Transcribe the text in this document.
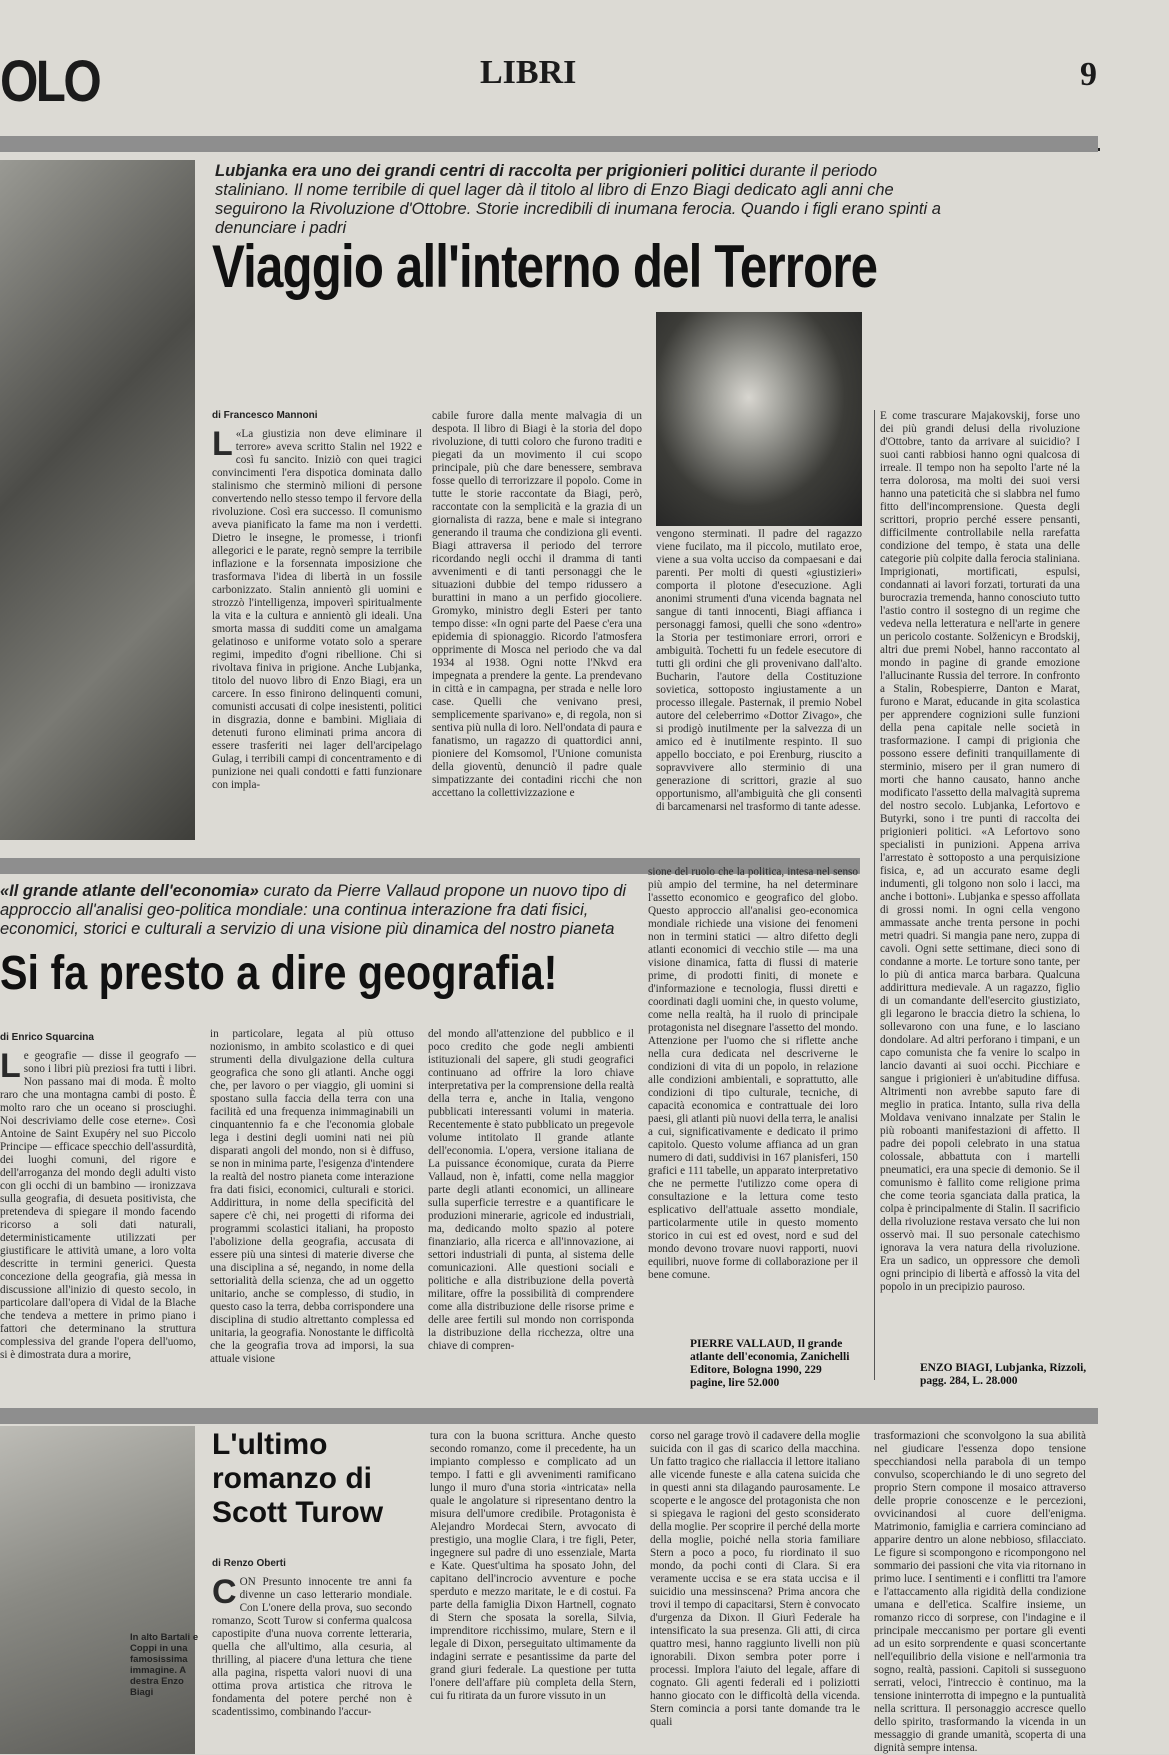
OLO	LIBRI	9
Lubjanka era uno dei grandi centri di raccolta per prigionieri politici durante il periodo staliniano. Il nome terribile di quel lager dà il titolo al libro di Enzo Biagi dedicato agli anni che seguirono la Rivoluzione d'Ottobre. Storie incredibili di inumana ferocia. Quando i figli erano spinti a denunciare i padri
Viaggio all'interno del Terrore
di Francesco Mannoni
L «La giustizia non deve eliminare il terrore» aveva scritto Stalin nel 1922 e così fu sancito. Iniziò con quei tragici convincimenti l'era dispotica dominata dallo stalinismo che sterminò milioni di persone convertendo nello stesso tempo il fervore della rivoluzione. Così era successo. Il comunismo aveva pianificato la fame ma non i verdetti. Dietro le insegne, le promesse, i trionfi allegorici e le parate, regnò sempre la terribile inflazione e la forsennata imposizione che trasformava l'idea di libertà in un fossile carbonizzato. Stalin annientò gli uomini e strozzò l'intelligenza, impoverì spiritualmente la vita e la cultura e annientò gli ideali. Una smorta massa di sudditi come un amalgama gelatinoso e uniforme votato solo a sperare regimi, impedito d'ogni ribellione. Chi si rivoltava finiva in prigione. Anche Lubjanka, titolo del nuovo libro di Enzo Biagi, era un carcere. In esso finirono delinquenti comuni, comunisti accusati di colpe inesistenti, politici in disgrazia, donne e bambini. Migliaia di detenuti furono eliminati prima ancora di essere trasferiti nei lager dell'arcipelago Gulag, i terribili campi di concentramento e di punizione nei quali condotti e fatti funzionare con impla-
cabile furore dalla mente malvagia di un despota. Il libro di Biagi è la storia del dopo rivoluzione, di tutti coloro che furono traditi e piegati da un movimento il cui scopo principale, più che dare benessere, sembrava fosse quello di terrorizzare il popolo. Come in tutte le storie raccontate da Biagi, però, raccontate con la semplicità e la grazia di un giornalista di razza, bene e male si integrano generando il trauma che condiziona gli eventi. Biagi attraversa il periodo del terrore ricordando negli occhi il dramma di tanti avvenimenti e di tanti personaggi che le situazioni dubbie del tempo ridussero a burattini in mano a un perfido giocoliere. Gromyko, ministro degli Esteri per tanto tempo disse: «In ogni parte del Paese c'era una epidemia di spionaggio. Ricordo l'atmosfera opprimente di Mosca nel periodo che va dal 1934 al 1938. Ogni notte l'Nkvd era impegnata a prendere la gente. La prendevano in città e in campagna, per strada e nelle loro case. Quelli che venivano presi, semplicemente sparivano» e, di regola, non si sentiva più nulla di loro. Nell'ondata di paura e fanatismo, un ragazzo di quattordici anni, pioniere del Komsomol, l'Unione comunista della gioventù, denunciò il padre quale simpatizzante dei contadini ricchi che non accettano la collettivizzazione e
vengono sterminati. Il padre del ragazzo viene fucilato, ma il piccolo, mutilato eroe, viene a sua volta ucciso da compaesani e dai parenti. Per molti di questi «giustizieri» comporta il plotone d'esecuzione. Agli anonimi strumenti d'una vicenda bagnata nel sangue di tanti innocenti, Biagi affianca i personaggi famosi, quelli che sono «dentro» la Storia per testimoniare errori, orrori e ambiguità. Tochetti fu un fedele esecutore di tutti gli ordini che gli provenivano dall'alto. Bucharin, l'autore della Costituzione sovietica, sottoposto ingiustamente a un processo illegale. Pasternak, il premio Nobel autore del celeberrimo «Dottor Zivago», che si prodigò inutilmente per la salvezza di un amico ed è inutilmente respinto. Il suo appello bocciato, e poi Erenburg, riuscito a sopravvivere allo sterminio di una generazione di scrittori, grazie al suo opportunismo, all'ambiguità che gli consentì di barcamenarsi nel trasformo di tante adesse.
E come trascurare Majakovskij, forse uno dei più grandi delusi della rivoluzione d'Ottobre, tanto da arrivare al suicidio? I suoi canti rabbiosi hanno ogni qualcosa di irreale. Il tempo non ha sepolto l'arte né la terra dolorosa, ma molti dei suoi versi hanno una pateticità che si slabbra nel fumo fitto dell'incomprensione. Questa degli scrittori, proprio perché essere pensanti, difficilmente controllabile nella rarefatta condizione del tempo, è stata una delle categorie più colpite dalla ferocia staliniana. Imprigionati, mortificati, espulsi, condannati ai lavori forzati, torturati da una burocrazia tremenda, hanno conosciuto tutto l'astio contro il sostegno di un regime che vedeva nella letteratura e nell'arte in genere un pericolo costante. Solženicyn e Brodskij, altri due premi Nobel, hanno raccontato al mondo in pagine di grande emozione l'allucinante Russia del terrore. In confronto a Stalin, Robespierre, Danton e Marat, furono e Marat, educande in gita scolastica per apprendere cognizioni sulle funzioni della pena capitale nelle società in trasformazione. I campi di prigionia che possono essere definiti tranquillamente di sterminio, misero per il gran numero di morti che hanno causato, hanno anche modificato l'assetto della malvagità suprema del nostro secolo. Lubjanka, Lefortovo e Butyrki, sono i tre punti di raccolta dei prigionieri politici. «A Lefortovo sono specialisti in punizioni. Appena arriva l'arrestato è sottoposto a una perquisizione fisica, e, ad un accurato esame degli indumenti, gli tolgono non solo i lacci, ma anche i bottoni». Lubjanka e spesso affollata di grossi nomi. In ogni cella vengono ammassate anche trenta persone in pochi metri quadri. Si mangia pane nero, zuppa di cavoli. Ogni sette settimane, dieci sono di condanne a morte. Le torture sono tante, per lo più di antica marca barbara. Qualcuna addirittura medievale. A un ragazzo, figlio di un comandante dell'esercito giustiziato, gli legarono le braccia dietro la schiena, lo sollevarono con una fune, e lo lasciano dondolare. Ad altri perforano i timpani, e un capo comunista che fa venire lo scalpo in lancio davanti ai suoi occhi. Picchiare e sangue i prigionieri è un'abitudine diffusa. Altrimenti non avrebbe saputo fare di meglio in pratica. Intanto, sulla riva della Moldava venivano innalzate per Stalin le più roboanti manifestazioni di affetto. Il padre dei popoli celebrato in una statua colossale, abbattuta con i martelli pneumatici, era una specie di demonio. Se il comunismo è fallito come religione prima che come teoria sganciata dalla pratica, la colpa è principalmente di Stalin. Il sacrificio della rivoluzione restava versato che lui non osservò mai. Il suo personale catechismo ignorava la vera natura della rivoluzione. Era un sadico, un oppressore che demolì ogni principio di libertà e affossò la vita del popolo in un precipizio pauroso.
ENZO BIAGI, Lubjanka, Rizzoli, pagg. 284, L. 28.000
«Il grande atlante dell'economia» curato da Pierre Vallaud propone un nuovo tipo di approccio all'analisi geo-politica mondiale: una continua interazione fra dati fisici, economici, storici e culturali a servizio di una visione più dinamica del nostro pianeta
Si fa presto a dire geografia!
di Enrico Squarcina
Le geografie — disse il geografo — sono i libri più preziosi fra tutti i libri. Non passano mai di moda. È molto raro che una montagna cambi di posto. È molto raro che un oceano si prosciughi. Noi descriviamo delle cose eterne». Così Antoine de Saint Exupéry nel suo Piccolo Principe — efficace specchio dell'assurdità, dei luoghi comuni, del rigore e dell'arroganza del mondo degli adulti visto con gli occhi di un bambino — ironizzava sulla geografia, di desueta positivista, che pretendeva di spiegare il mondo facendo ricorso a soli dati naturali, deterministicamente utilizzati per giustificare le attività umane, a loro volta descritte in termini generici. Questa concezione della geografia, già messa in discussione all'inizio di questo secolo, in particolare dall'opera di Vidal de la Blache che tendeva a mettere in primo piano i fattori che determinano la struttura complessiva del grande l'opera dell'uomo, si è dimostrata dura a morire,
in particolare, legata al più ottuso nozionismo, in ambito scolastico e di quei strumenti della divulgazione della cultura geografica che sono gli atlanti. Anche oggi che, per lavoro o per viaggio, gli uomini si spostano sulla faccia della terra con una facilità ed una frequenza inimmaginabili un cinquantennio fa e che l'economia globale lega i destini degli uomini nati nei più disparati angoli del mondo, non si è diffuso, se non in minima parte, l'esigenza d'intendere la realtà del nostro pianeta come interazione fra dati fisici, economici, culturali e storici. Addirittura, in nome della specificità del sapere c'è chi, nei progetti di riforma dei programmi scolastici italiani, ha proposto l'abolizione della geografia, accusata di essere più una sintesi di materie diverse che una disciplina a sé, negando, in nome della settorialità della scienza, che ad un oggetto unitario, anche se complesso, di studio, in questo caso la terra, debba corrispondere una disciplina di studio altrettanto complessa ed unitaria, la geografia. Nonostante le difficoltà che la geografia trova ad imporsi, la sua attuale visione
del mondo all'attenzione del pubblico e il poco credito che gode negli ambienti istituzionali del sapere, gli studi geografici continuano ad offrire la loro chiave interpretativa per la comprensione della realtà della terra e, anche in Italia, vengono pubblicati interessanti volumi in materia. Recentemente è stato pubblicato un pregevole volume intitolato Il grande atlante dell'economia. L'opera, versione italiana de La puissance économique, curata da Pierre Vallaud, non è, infatti, come nella maggior parte degli atlanti economici, un allineare sulla superficie terrestre e a quantificare le produzioni minerarie, agricole ed industriali, ma, dedicando molto spazio al potere finanziario, alla ricerca e all'innovazione, ai settori industriali di punta, al sistema delle comunicazioni. Alle questioni sociali e politiche e alla distribuzione della povertà militare, offre la possibilità di comprendere come alla distribuzione delle risorse prime e delle aree fertili sul mondo non corrisponda la distribuzione della ricchezza, oltre una chiave di compren-
sione del ruolo che la politica, intesa nel senso più ampio del termine, ha nel determinare l'assetto economico e geografico del globo. Questo approccio all'analisi geo-economica mondiale richiede una visione dei fenomeni non in termini statici — altro difetto degli atlanti economici di vecchio stile — ma una visione dinamica, fatta di flussi di materie prime, di prodotti finiti, di monete e d'informazione e tecnologia, flussi diretti e coordinati dagli uomini che, in questo volume, come nella realtà, ha il ruolo di principale protagonista nel disegnare l'assetto del mondo. Attenzione per l'uomo che si riflette anche nella cura dedicata nel descriverne le condizioni di vita di un popolo, in relazione alle condizioni ambientali, e soprattutto, alle condizioni di tipo culturale, tecniche, di capacità economica e contrattuale dei loro paesi, gli atlanti più nuovi della terra, le analisi a cui, significativamente e dedicato il primo capitolo. Questo volume affianca ad un gran numero di dati, suddivisi in 167 planisferi, 150 grafici e 111 tabelle, un apparato interpretativo che ne permette l'utilizzo come opera di consultazione e la lettura come testo esplicativo dell'attuale assetto mondiale, particolarmente utile in questo momento storico in cui est ed ovest, nord e sud del mondo devono trovare nuovi rapporti, nuovi equilibri, nuove forme di collaborazione per il bene comune.
PIERRE VALLAUD, Il grande atlante dell'economia, Zanichelli Editore, Bologna 1990, 229 pagine, lire 52.000
In alto Bartali e Coppi in una famosissima immagine. A destra Enzo Biagi
L'ultimo
romanzo di
Scott Turow
di Renzo Oberti
CON Presunto innocente tre anni fa divenne un caso letterario mondiale. Con L'onere della prova, suo secondo romanzo, Scott Turow si conferma qualcosa capostipite d'una nuova corrente letteraria, quella che all'ultimo, alla cesuria, al thrilling, al piacere d'una lettura che tiene alla pagina, rispetta valori nuovi di una ottima prova artistica che ritrova le fondamenta del potere perché non è scadentissimo, combinando l'accur-
tura con la buona scrittura. Anche questo secondo romanzo, come il precedente, ha un impianto complesso e complicato ad un tempo. I fatti e gli avvenimenti ramificano lungo il muro d'una storia «intricata» nella quale le angolature si ripresentano dentro la misura dell'umore credibile. Protagonista è Alejandro Mordecai Stern, avvocato di prestigio, una moglie Clara, i tre figli, Peter, ingegnere sul padre di uno essenziale, Marta e Kate. Quest'ultima ha sposato John, del capitano dell'incrocio avventure e poche sperduto e mezzo maritate, le e di costui. Fa parte della famiglia Dixon Hartnell, cognato di Stern che sposata la sorella, Silvia, imprenditore ricchissimo, mulare, Stern e il legale di Dixon, perseguitato ultimamente da indagini serrate e pesantissime da parte del grand giuri federale. La questione per tutta l'onere dell'affare più completa della Stern, cui fu ritirata da un furore vissuto in un
corso nel garage trovò il cadavere della moglie suicida con il gas di scarico della macchina. Un fatto tragico che riallaccia il lettore italiano alle vicende funeste e alla catena suicida che in questi anni sta dilagando paurosamente. Le scoperte e le angosce del protagonista che non si spiegava le ragioni del gesto sconsiderato della moglie. Per scoprire il perché della morte della moglie, poiché nella storia familiare Stern a poco a poco, fu riordinato il suo mondo, da pochi conti di Clara. Si era veramente uccisa e se era stata uccisa e il suicidio una messinscena? Prima ancora che trovi il tempo di capacitarsi, Stern è convocato d'urgenza da Dixon. Il Giurì Federale ha intensificato la sua presenza. Gli atti, di circa quattro mesi, hanno raggiunto livelli non più ignorabili. Dixon sembra poter porre i processi. Implora l'aiuto del legale, affare di cognato. Gli agenti federali ed i poliziotti hanno giocato con le difficoltà della vicenda. Stern comincia a porsi tante domande tra le quali
trasformazioni che sconvolgono la sua abilità nel giudicare l'essenza dopo tensione specchiandosi nella parabola di un tempo convulso, scoperchiando le di uno segreto del proprio Stern compone il mosaico attraverso delle proprie conoscenze e le percezioni, ovvicinandosi al cuore dell'enigma. Matrimonio, famiglia e carriera cominciano ad apparire dentro un alone nebbioso, sfilacciato. Le figure si scompongono e ricompongono nel sommario dei passioni che vita via ritornano in primo luce. I sentimenti e i conflitti tra l'amore e l'attaccamento alla rigidità della condizione umana e dell'etica. Scalfire insieme, un romanzo ricco di sorprese, con l'indagine e il principale meccanismo per portare gli eventi ad un esito sorprendente e quasi sconcertante nell'equilibrio della visione e nell'armonia tra sogno, realtà, passioni. Capitoli si susseguono serrati, veloci, l'intreccio è continuo, ma la tensione ininterrotta di impegno e la puntualità nella scrittura. Il personaggio accresce quello dello spirito, trasformando la vicenda in un messaggio di grande umanità, scoperta di una dignità sempre intensa.
